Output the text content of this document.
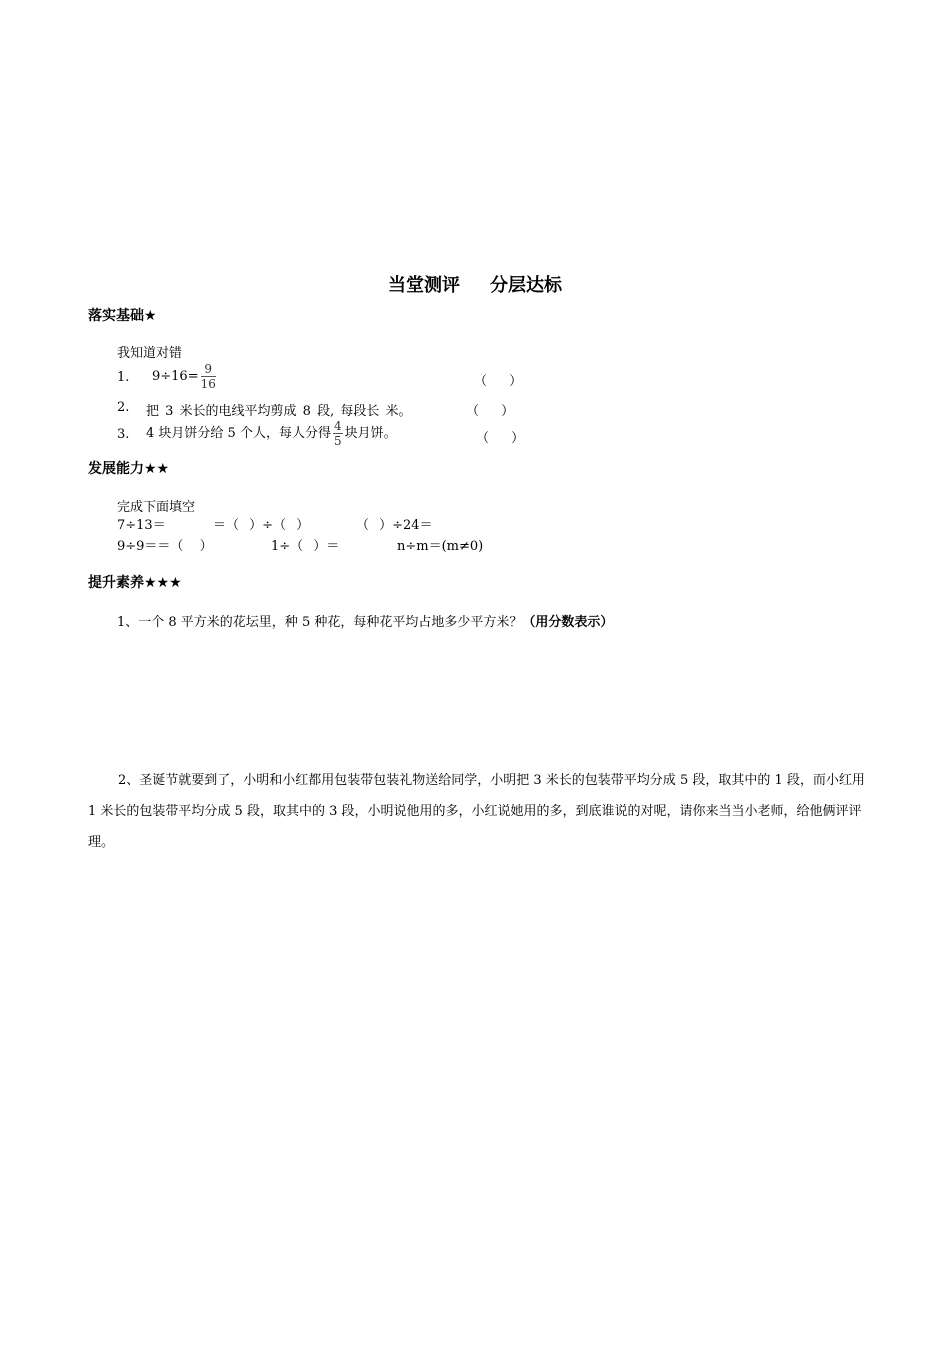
当堂测评 分层达标
落实基础★
我知道对错
1. $9\div 16= \frac{9}{16}$	（ ）
2. 把 3 米长的电线平均剪成 8 段, 每段长 米。	（ ）
3. 4 块月饼分给 5 个人，每人分得 $\frac{4}{5}$ 块月饼。	（ ）
发展能力★★
完成下面填空
7÷13＝	＝（ ）÷（ ）	（ ）÷24＝
9÷9＝＝（ ）	1÷（ ）＝	n÷m＝(m≠0)
提升素养★★★
1、一个 8 平方米的花坛里，种 5 种花，每种花平均占地多少平方米？（用分数表示）
2、圣诞节就要到了，小明和小红都用包装带包装礼物送给同学，小明把 3 米长的包装带平均分成 5 段，取其中的 1 段，而小红用 1 米长的包装带平均分成 5 段，取其中的 3 段，小明说他用的多，小红说她用的多，到底谁说的对呢，请你来当当小老师，给他俩评评理。
